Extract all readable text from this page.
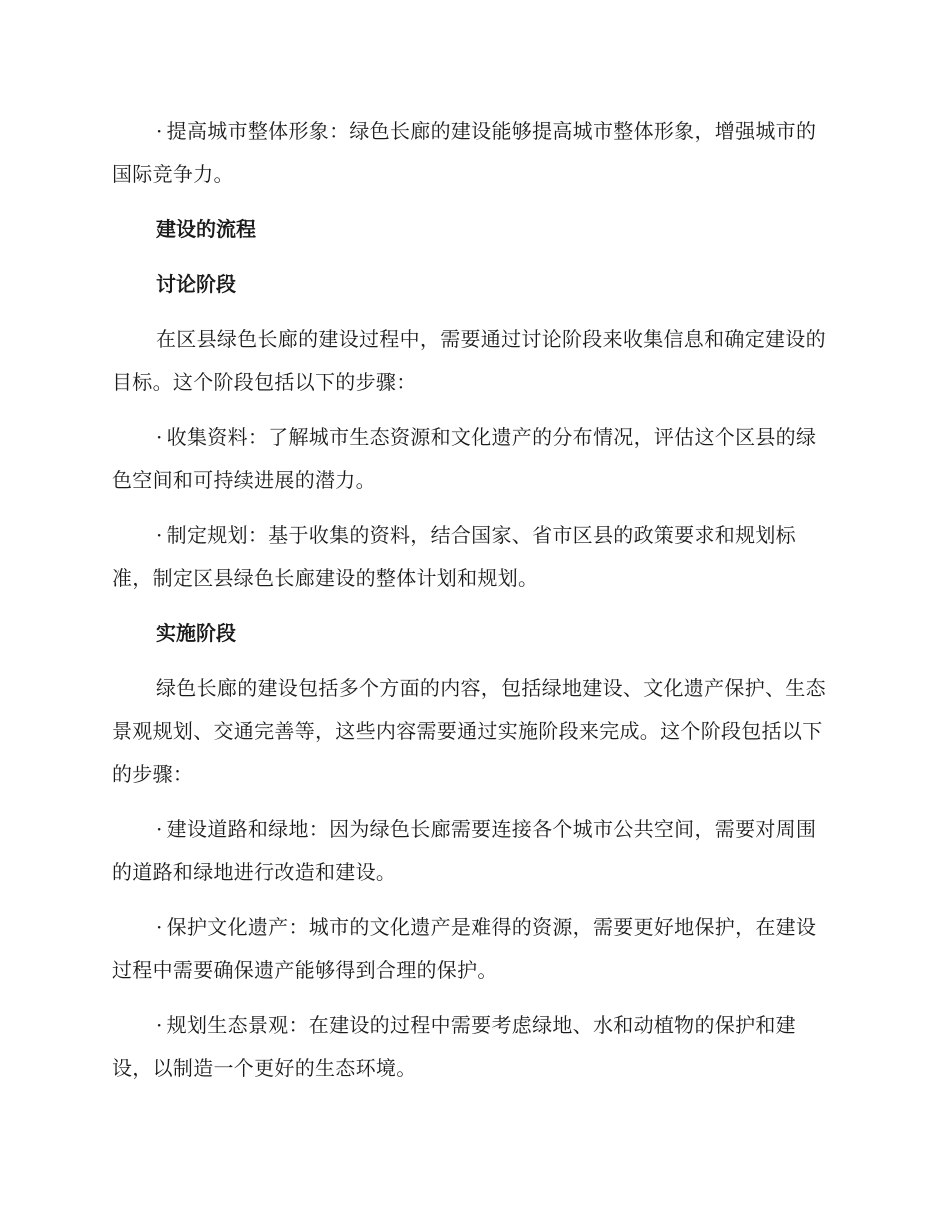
· 提高城市整体形象：绿色长廊的建设能够提高城市整体形象，增强城市的国际竞争力。

建设的流程

讨论阶段

在区县绿色长廊的建设过程中，需要通过讨论阶段来收集信息和确定建设的目标。这个阶段包括以下的步骤：

· 收集资料：了解城市生态资源和文化遗产的分布情况，评估这个区县的绿色空间和可持续进展的潜力。

· 制定规划：基于收集的资料，结合国家、省市区县的政策要求和规划标准，制定区县绿色长廊建设的整体计划和规划。

实施阶段

绿色长廊的建设包括多个方面的内容，包括绿地建设、文化遗产保护、生态景观规划、交通完善等，这些内容需要通过实施阶段来完成。这个阶段包括以下的步骤：

· 建设道路和绿地：因为绿色长廊需要连接各个城市公共空间，需要对周围的道路和绿地进行改造和建设。

· 保护文化遗产：城市的文化遗产是难得的资源，需要更好地保护，在建设过程中需要确保遗产能够得到合理的保护。

· 规划生态景观：在建设的过程中需要考虑绿地、水和动植物的保护和建设，以制造一个更好的生态环境。
